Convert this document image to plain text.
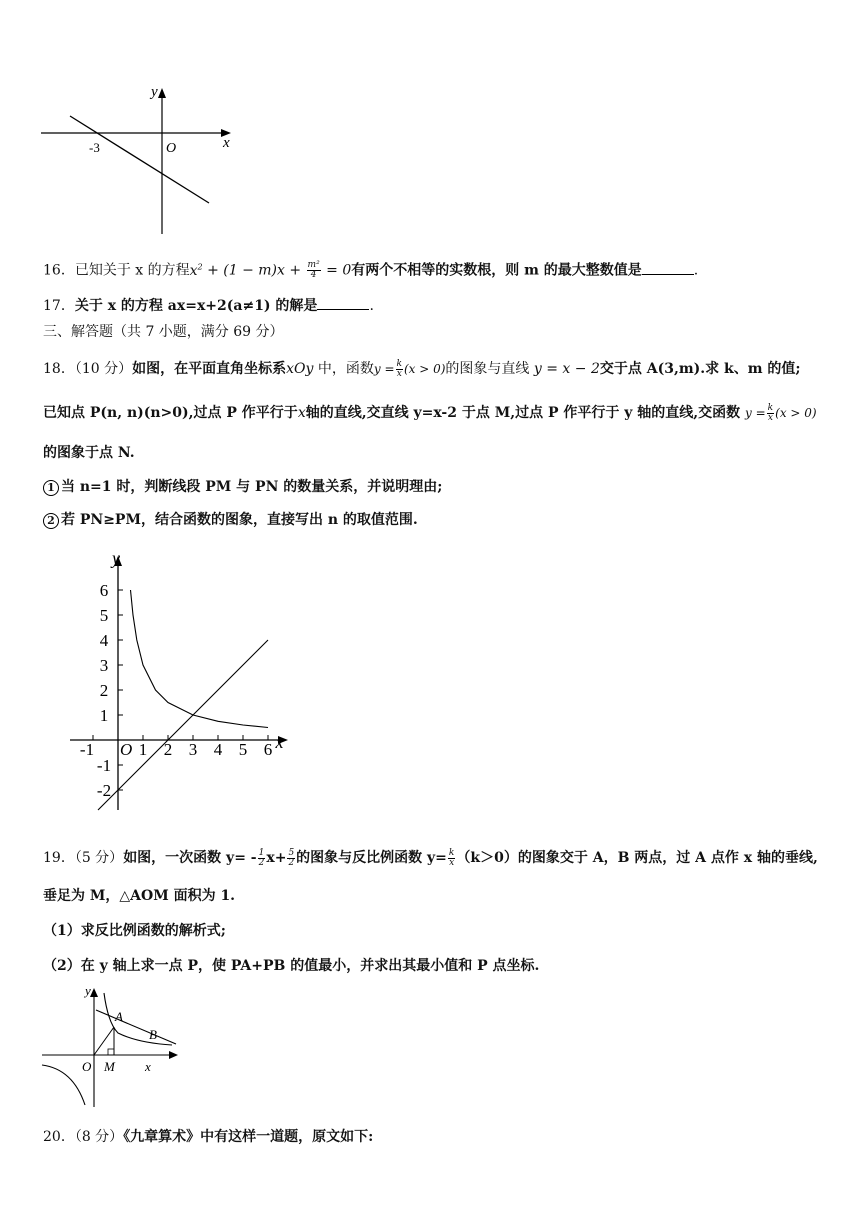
x
y
O
-3
16．已知关于 x 的方程$x^2 + (1 - m)x + \frac{\text{m²}}{4} = 0$有两个不相等的实数根，则 m 的最大整数值是	.
17．关于 x 的方程 ax=x+2(a≠1) 的解是	.
三、解答题（共 7 小题，满分 69 分）
18．（10 分）如图，在平面直角坐标系xOy 中，函数$y = \frac{k}{x} (x > 0)$的图象与直线 y = x − 2交于点 A(3,m).求 k、m 的值;
已知点 P(n, n)(n>0),过点 P 作平行于x轴的直线,交直线 y=x-2 于点 M,过点 P 作平行于 y 轴的直线,交函数 $y = \frac{k}{x} (x > 0)$
的图象于点 N.
1 当 n=1 时，判断线段 PM 与 PN 的数量关系，并说明理由;
2 若 PN≥PM，结合函数的图象，直接写出 n 的取值范围.
6
5
4
3
2
1
-1
-2
-1	1 2 3 4 5 6
O	x
y
19．（5 分）如图，一次函数 $y= - \frac{1}{2} x+ \frac{5}{2}$ 的图象与反比例函数 $y= \frac{k}{x} (k>0)$的图象交于 A，B 两点，过 A 点作 x 轴的垂线,
垂足为 M，△AOM 面积为 1.
（1）求反比例函数的解析式;
（2）在 y 轴上求一点 P，使 PA+PB 的值最小，并求出其最小值和 P 点坐标.
y
x
O M
A
B
20．（8 分）《九章算术》中有这样一道题，原文如下:
